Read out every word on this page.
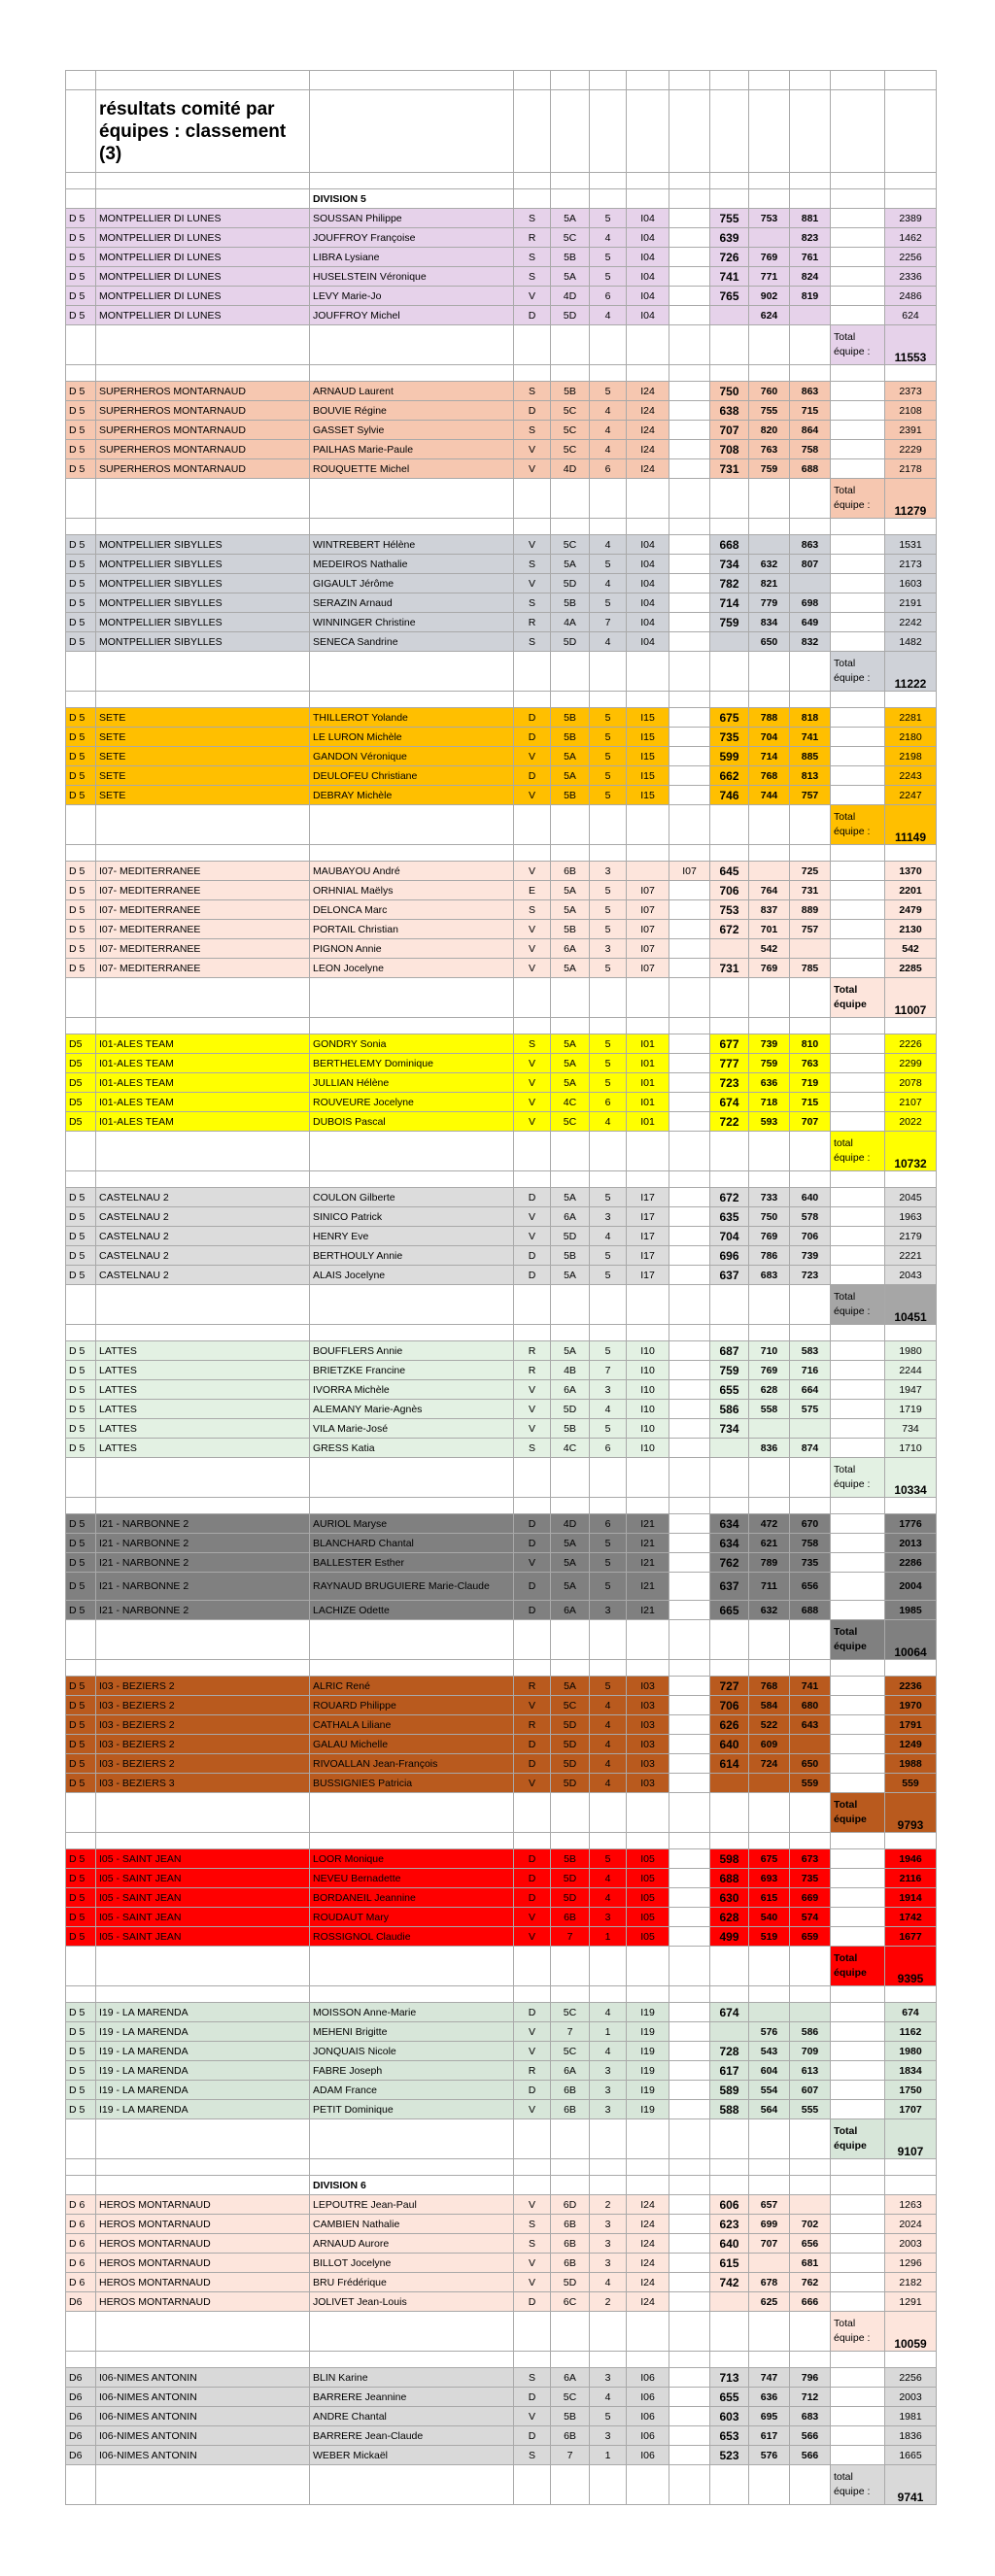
	résultats comité par équipes : classement (3)											

		DIVISION 5										
D 5	MONTPELLIER DI LUNES	SOUSSAN Philippe	S	5A	5	I04		755	753	881		2389
D 5	MONTPELLIER DI LUNES	JOUFFROY Françoise	R	5C	4	I04		639		823		1462
D 5	MONTPELLIER DI LUNES	LIBRA Lysiane	S	5B	5	I04		726	769	761		2256
D 5	MONTPELLIER DI LUNES	HUSELSTEIN Véronique	S	5A	5	I04		741	771	824		2336
D 5	MONTPELLIER DI LUNES	LEVY Marie-Jo	V	4D	6	I04		765	902	819		2486
D 5	MONTPELLIER DI LUNES	JOUFFROY Michel	D	5D	4	I04			624			624
											Total équipe :	11553

D 5	SUPERHEROS MONTARNAUD	ARNAUD Laurent	S	5B	5	I24		750	760	863		2373
D 5	SUPERHEROS MONTARNAUD	BOUVIE Régine	D	5C	4	I24		638	755	715		2108
D 5	SUPERHEROS MONTARNAUD	GASSET Sylvie	S	5C	4	I24		707	820	864		2391
D 5	SUPERHEROS MONTARNAUD	PAILHAS Marie-Paule	V	5C	4	I24		708	763	758		2229
D 5	SUPERHEROS MONTARNAUD	ROUQUETTE Michel	V	4D	6	I24		731	759	688		2178
											Total équipe :	11279

D 5	MONTPELLIER SIBYLLES	WINTREBERT Hélène	V	5C	4	I04		668		863		1531
D 5	MONTPELLIER SIBYLLES	MEDEIROS Nathalie	S	5A	5	I04		734	632	807		2173
D 5	MONTPELLIER SIBYLLES	GIGAULT Jérôme	V	5D	4	I04		782	821			1603
D 5	MONTPELLIER SIBYLLES	SERAZIN Arnaud	S	5B	5	I04		714	779	698		2191
D 5	MONTPELLIER SIBYLLES	WINNINGER Christine	R	4A	7	I04		759	834	649		2242
D 5	MONTPELLIER SIBYLLES	SENECA Sandrine	S	5D	4	I04			650	832		1482
											Total équipe :	11222

D 5	SETE	THILLEROT Yolande	D	5B	5	I15		675	788	818		2281
D 5	SETE	LE LURON Michèle	D	5B	5	I15		735	704	741		2180
D 5	SETE	GANDON Véronique	V	5A	5	I15		599	714	885		2198
D 5	SETE	DEULOFEU Christiane	D	5A	5	I15		662	768	813		2243
D 5	SETE	DEBRAY Michèle	V	5B	5	I15		746	744	757		2247
											Total équipe :	11149

D 5	I07- MEDITERRANEE	MAUBAYOU André	V	6B	3		I07	645		725		1370
D 5	I07- MEDITERRANEE	ORHNIAL Maëlys	E	5A	5	I07		706	764	731		2201
D 5	I07- MEDITERRANEE	DELONCA Marc	S	5A	5	I07		753	837	889		2479
D 5	I07- MEDITERRANEE	PORTAIL Christian	V	5B	5	I07		672	701	757		2130
D 5	I07- MEDITERRANEE	PIGNON Annie	V	6A	3	I07			542			542
D 5	I07- MEDITERRANEE	LEON Jocelyne	V	5A	5	I07		731	769	785		2285
											Total équipe	11007

D5	I01-ALES TEAM	GONDRY Sonia	S	5A	5	I01		677	739	810		2226
D5	I01-ALES TEAM	BERTHELEMY Dominique	V	5A	5	I01		777	759	763		2299
D5	I01-ALES TEAM	JULLIAN Hélène	V	5A	5	I01		723	636	719		2078
D5	I01-ALES TEAM	ROUVEURE Jocelyne	V	4C	6	I01		674	718	715		2107
D5	I01-ALES TEAM	DUBOIS Pascal	V	5C	4	I01		722	593	707		2022
											total équipe :	10732

D 5	CASTELNAU 2	COULON Gilberte	D	5A	5	I17		672	733	640		2045
D 5	CASTELNAU 2	SINICO Patrick	V	6A	3	I17		635	750	578		1963
D 5	CASTELNAU 2	HENRY Eve	V	5D	4	I17		704	769	706		2179
D 5	CASTELNAU 2	BERTHOULY Annie	D	5B	5	I17		696	786	739		2221
D 5	CASTELNAU 2	ALAIS Jocelyne	D	5A	5	I17		637	683	723		2043
											Total équipe :	10451

D 5	LATTES	BOUFFLERS Annie	R	5A	5	I10		687	710	583		1980
D 5	LATTES	BRIETZKE Francine	R	4B	7	I10		759	769	716		2244
D 5	LATTES	IVORRA Michèle	V	6A	3	I10		655	628	664		1947
D 5	LATTES	ALEMANY Marie-Agnès	V	5D	4	I10		586	558	575		1719
D 5	LATTES	VILA Marie-José	V	5B	5	I10		734				734
D 5	LATTES	GRESS Katia	S	4C	6	I10			836	874		1710
											Total équipe :	10334

D 5	I21 - NARBONNE 2	AURIOL Maryse	D	4D	6	I21		634	472	670		1776
D 5	I21 - NARBONNE 2	BLANCHARD Chantal	D	5A	5	I21		634	621	758		2013
D 5	I21 - NARBONNE 2	BALLESTER Esther	V	5A	5	I21		762	789	735		2286
D 5	I21 - NARBONNE 2	RAYNAUD BRUGUIERE Marie-Claude	D	5A	5	I21		637	711	656		2004
D 5	I21 - NARBONNE 2	LACHIZE Odette	D	6A	3	I21		665	632	688		1985
											Total équipe	10064

D 5	I03 - BEZIERS 2	ALRIC René	R	5A	5	I03		727	768	741		2236
D 5	I03 - BEZIERS 2	ROUARD Philippe	V	5C	4	I03		706	584	680		1970
D 5	I03 - BEZIERS 2	CATHALA Liliane	R	5D	4	I03		626	522	643		1791
D 5	I03 - BEZIERS 2	GALAU Michelle	D	5D	4	I03		640	609			1249
D 5	I03 - BEZIERS 2	RIVOALLAN Jean-François	D	5D	4	I03		614	724	650		1988
D 5	I03 - BEZIERS 3	BUSSIGNIES Patricia	V	5D	4	I03				559		559
											Total équipe	9793

D 5	I05 - SAINT JEAN	LOOR Monique	D	5B	5	I05		598	675	673		1946
D 5	I05 - SAINT JEAN	NEVEU Bernadette	D	5D	4	I05		688	693	735		2116
D 5	I05 - SAINT JEAN	BORDANEIL Jeannine	D	5D	4	I05		630	615	669		1914
D 5	I05 - SAINT JEAN	ROUDAUT Mary	V	6B	3	I05		628	540	574		1742
D 5	I05 - SAINT JEAN	ROSSIGNOL Claudie	V	7	1	I05		499	519	659		1677
											Total équipe	9395

D 5	I19 - LA MARENDA	MOISSON Anne-Marie	D	5C	4	I19		674				674
D 5	I19 - LA MARENDA	MEHENI Brigitte	V	7	1	I19			576	586		1162
D 5	I19 - LA MARENDA	JONQUAIS Nicole	V	5C	4	I19		728	543	709		1980
D 5	I19 - LA MARENDA	FABRE Joseph	R	6A	3	I19		617	604	613		1834
D 5	I19 - LA MARENDA	ADAM France	D	6B	3	I19		589	554	607		1750
D 5	I19 - LA MARENDA	PETIT Dominique	V	6B	3	I19		588	564	555		1707
											Total équipe	9107

		DIVISION 6										
D 6	HEROS MONTARNAUD	LEPOUTRE Jean-Paul	V	6D	2	I24		606	657			1263
D 6	HEROS MONTARNAUD	CAMBIEN Nathalie	S	6B	3	I24		623	699	702		2024
D 6	HEROS MONTARNAUD	ARNAUD Aurore	S	6B	3	I24		640	707	656		2003
D 6	HEROS MONTARNAUD	BILLOT Jocelyne	V	6B	3	I24		615		681		1296
D 6	HEROS MONTARNAUD	BRU Frédérique	V	5D	4	I24		742	678	762		2182
D6	HEROS MONTARNAUD	JOLIVET Jean-Louis	D	6C	2	I24			625	666		1291
											Total équipe :	10059

D6	I06-NIMES ANTONIN	BLIN Karine	S	6A	3	I06		713	747	796		2256
D6	I06-NIMES ANTONIN	BARRERE Jeannine	D	5C	4	I06		655	636	712		2003
D6	I06-NIMES ANTONIN	ANDRE Chantal	V	5B	5	I06		603	695	683		1981
D6	I06-NIMES ANTONIN	BARRERE Jean-Claude	D	6B	3	I06		653	617	566		1836
D6	I06-NIMES ANTONIN	WEBER Mickaël	S	7	1	I06		523	576	566		1665
											total équipe :	9741
